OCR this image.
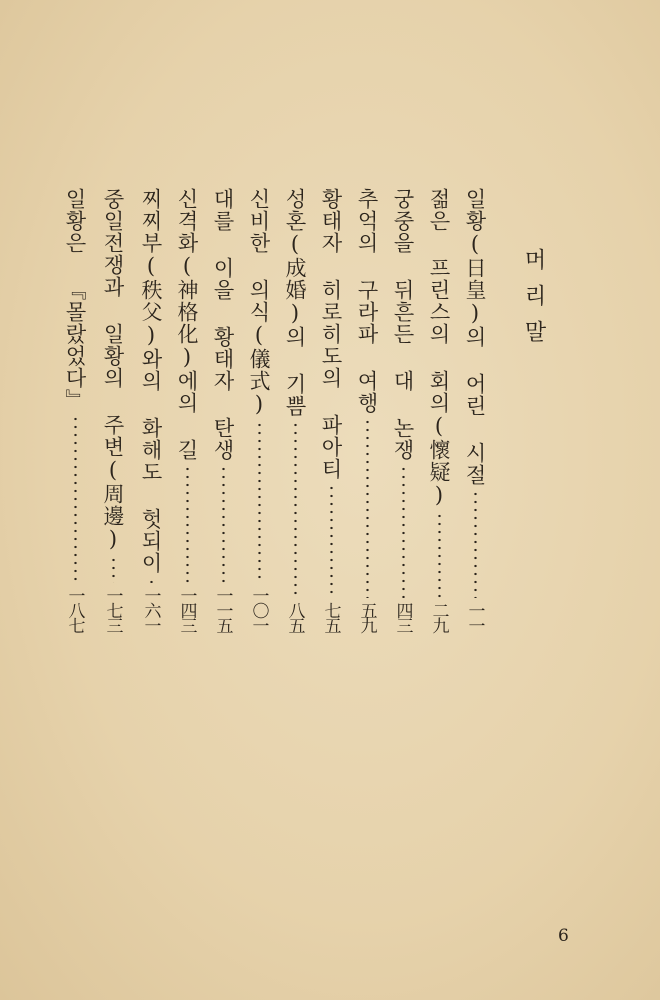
머리말
일황(日皇)의 어린 시절
一一
젊은 프린스의 회의(懷疑)
二九
궁중을 뒤흔든 대 논쟁
四三
추억의 구라파 여행
五九
황태자 히로히도의 파아티
七五
성혼(成婚)의 기쁨
八五
신비한 의식(儀式)
一〇一
대를 이을 황태자 탄생
一一五
신격화(神格化)에의 길
一四三
찌찌부(秩父)와의 화해도 헛되이
一六一
중일전쟁과 일황의 주변(周邊)
一七三
일황은 『몰랐었다』
一八七
6
